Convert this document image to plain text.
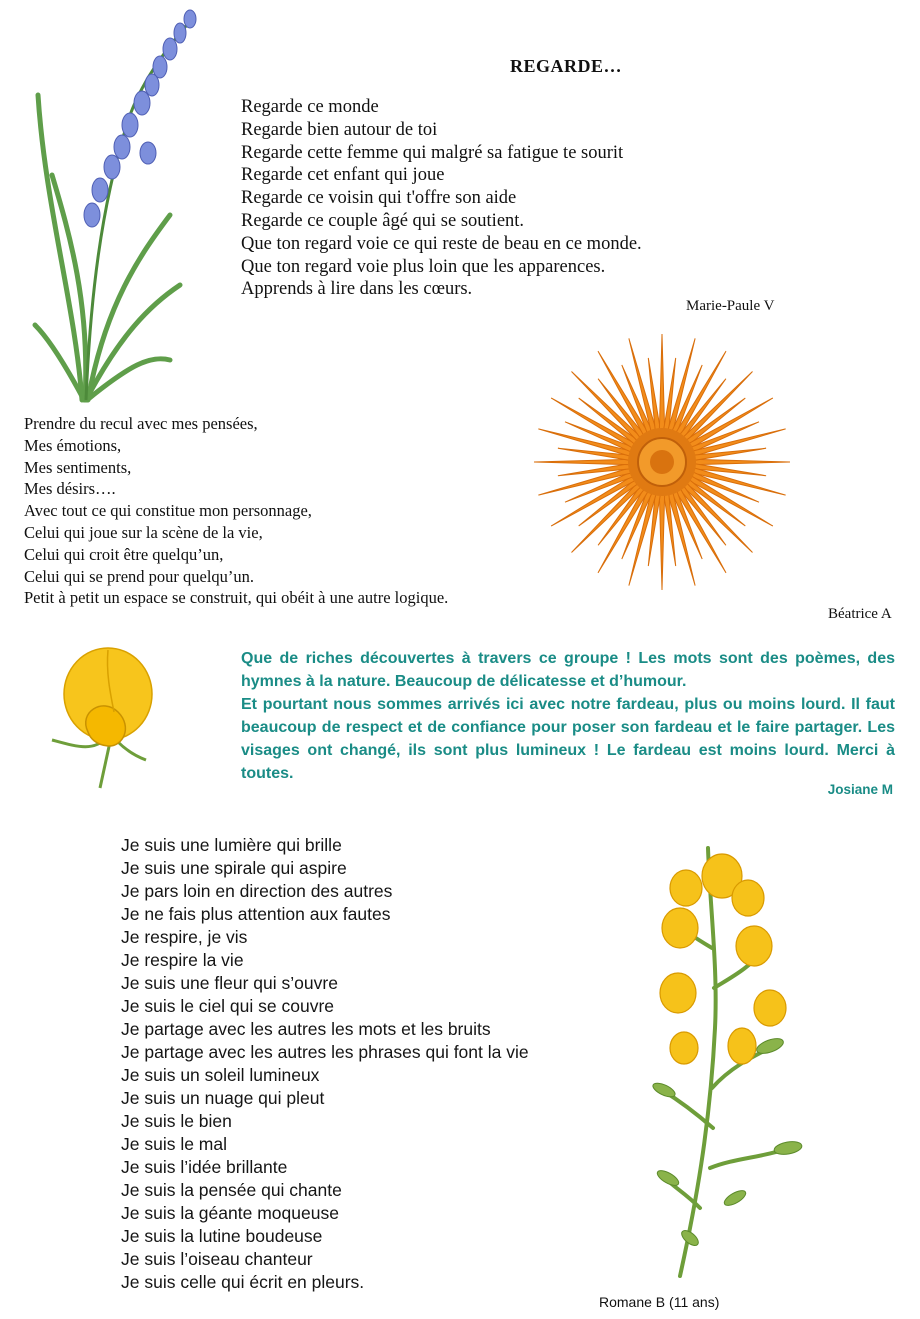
REGARDE…
Regarde ce monde
Regarde bien autour de toi
Regarde cette femme qui malgré sa fatigue te sourit
Regarde cet enfant qui joue
Regarde ce voisin qui t'offre son aide
Regarde ce couple âgé qui se soutient.
Que ton regard voie ce qui reste de beau en ce monde.
Que ton regard voie plus loin que les apparences.
Apprends à lire dans les cœurs.
Marie-Paule V
Prendre du recul avec mes pensées,
Mes émotions,
Mes sentiments,
Mes désirs….
Avec tout ce qui constitue mon personnage,
Celui qui joue sur la scène de la vie,
Celui qui croit être quelqu’un,
Celui qui se prend pour quelqu’un.
Petit à petit un espace se construit, qui obéit à une autre logique.
Béatrice A

Que de riches découvertes à travers ce groupe ! Les mots sont des poèmes, des hymnes à la nature. Beaucoup de délicatesse et d’humour.

Et pourtant nous sommes arrivés ici avec notre fardeau, plus ou moins lourd. Il faut beaucoup de respect et de confiance pour poser son fardeau et le faire partager. Les visages ont changé, ils sont plus lumineux ! Le fardeau est moins lourd. Merci à toutes.

Josiane M
Je suis une lumière qui brille
Je suis une spirale qui aspire
Je pars loin en direction des autres
Je ne fais plus attention aux fautes
Je respire, je vis
Je respire la vie
Je suis une fleur qui s’ouvre
Je suis le ciel qui se couvre
Je partage avec les autres les mots et les bruits
Je partage avec les autres les phrases qui font la vie
Je suis un soleil lumineux
Je suis un nuage qui pleut
Je suis le bien
Je suis le mal
Je suis l’idée brillante
Je suis la pensée qui chante
Je suis la géante moqueuse
Je suis la lutine boudeuse
Je suis l’oiseau chanteur
Je suis celle qui écrit en pleurs.
Romane B (11 ans)
